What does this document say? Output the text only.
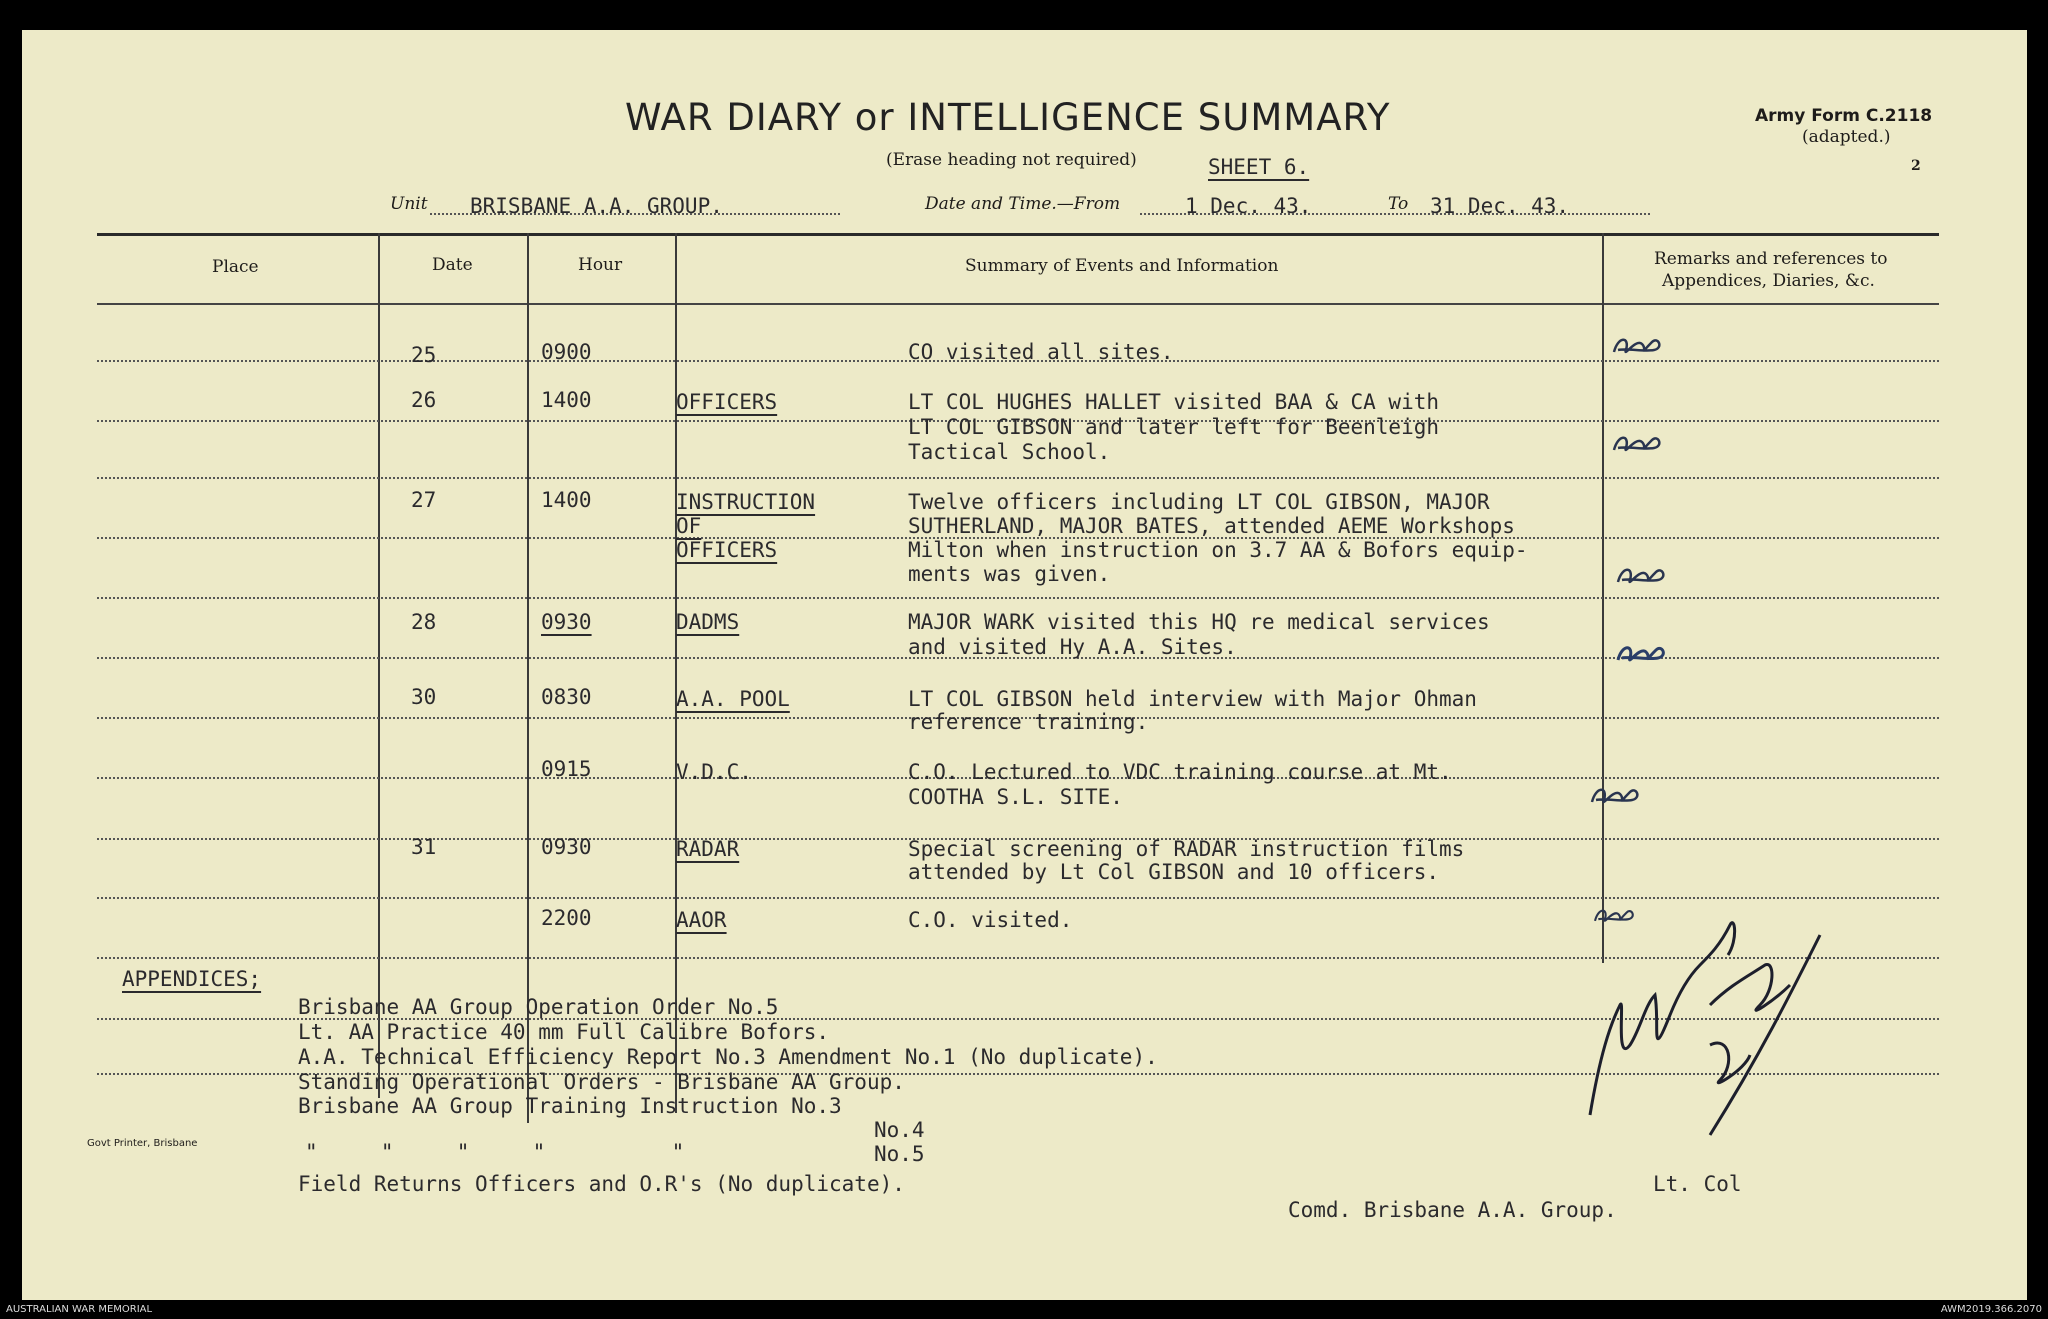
WAR DIARY or INTELLIGENCE SUMMARY
(Erase heading not required)	SHEET 6.
Army Form C.2118
(adapted.)
2
Unit BRISBANE A.A. GROUP.	Date and Time.—From	1 Dec. 43.	To 31 Dec. 43.
Place	Date	Hour	Summary of Events and Information	Remarks and references to
Appendices, Diaries, &c.
25	0900	CO visited all sites.
26	1400	OFFICERS	LT COL HUGHES HALLET visited BAA & CA with
LT COL GIBSON and later left for Beenleigh
Tactical School.
27	1400	INSTRUCTION
OF
OFFICERS
Twelve officers including LT COL GIBSON, MAJOR
SUTHERLAND, MAJOR BATES, attended AEME Workshops
Milton when instruction on 3.7 AA & Bofors equip-
ments was given.
28	0930	DADMS	MAJOR WARK visited this HQ re medical services
and visited Hy A.A. Sites.
30	0830	A.A. POOL	LT COL GIBSON held interview with Major Ohman
reference training.
0915	V.D.C.	C.O. Lectured to VDC training course at Mt.
COOTHA S.L. SITE.
31	0930	RADAR	Special screening of RADAR instruction films
attended by Lt Col GIBSON and 10 officers.
2200	AAOR	C.O. visited.
APPENDICES;
Brisbane AA Group Operation Order No.5
Lt. AA Practice 40 mm Full Calibre Bofors.
A.A. Technical Efficiency Report No.3 Amendment No.1 (No duplicate).
Standing Operational Orders - Brisbane AA Group.
Brisbane AA Group Training Instruction No.3
"     "     "     "          "
No.4
No.5
Field Returns Officers and O.R's (No duplicate).
Govt Printer, Brisbane
Lt. Col
Comd. Brisbane A.A. Group.
AUSTRALIAN WAR MEMORIAL	AWM2019.366.2070
